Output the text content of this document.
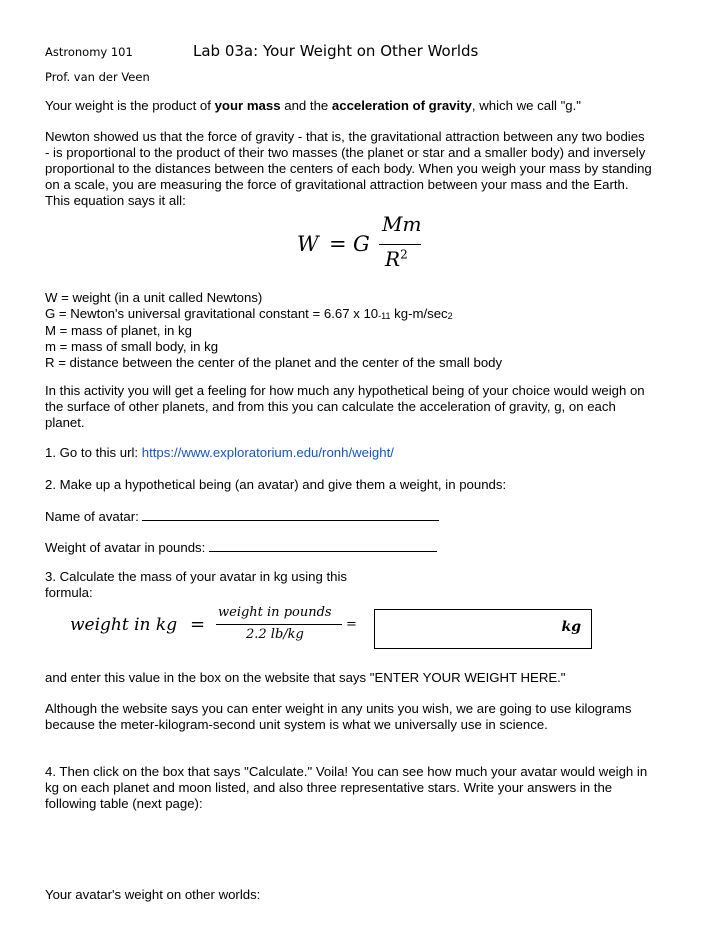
Astronomy 101	Lab 03a: Your Weight on Other Worlds
Prof. van der Veen
Your weight is the product of your mass and the acceleration of gravity, which we call "g."
Newton showed us that the force of gravity - that is, the gravitational attraction between any two bodies
- is proportional to the product of their two masses (the planet or star and a smaller body) and inversely
proportional to the distances between the centers of each body. When you weigh your mass by standing
on a scale, you are measuring the force of gravitational attraction between your mass and the Earth.
This equation says it all:
W = G
Mm
$R^2$
W = weight (in a unit called Newtons)
G = Newton's universal gravitational constant = 6.67 x 10-11 kg-m/sec2
M = mass of planet, in kg
m = mass of small body, in kg
R = distance between the center of the planet and the center of the small body
In this activity you will get a feeling for how much any hypothetical being of your choice would weigh on
the surface of other planets, and from this you can calculate the acceleration of gravity, g, on each
planet.
1. Go to this url: https://www.exploratorium.edu/ronh/weight/
2. Make up a hypothetical being (an avatar) and give them a weight, in pounds:
Name of avatar:
Weight of avatar in pounds:
3. Calculate the mass of your avatar in kg using this
formula:
weight in kg =
weight in pounds
2.2 lb/kg
=	kg
and enter this value in the box on the website that says "ENTER YOUR WEIGHT HERE."
Although the website says you can enter weight in any units you wish, we are going to use kilograms
because the meter-kilogram-second unit system is what we universally use in science.
4. Then click on the box that says "Calculate." Voila! You can see how much your avatar would weigh in
kg on each planet and moon listed, and also three representative stars. Write your answers in the
following table (next page):
Your avatar's weight on other worlds:
